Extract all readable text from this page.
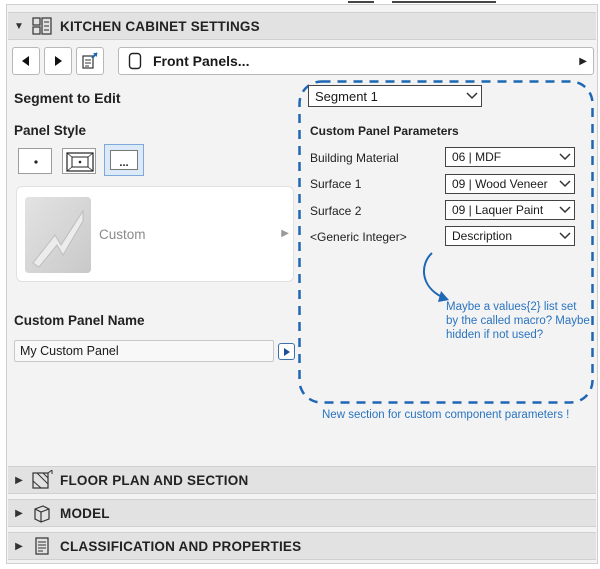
▼	KITCHEN CABINET SETTINGS
Front Panels...	▶
Segment to Edit
Panel Style
...
Custom	▶
Custom Panel Name
My Custom Panel
Segment 1
Custom Panel Parameters
Building Material	06 | MDF
Surface 1	09 | Wood Veneer
Surface 2	09 | Laquer Paint
<Generic Integer>	Description
Maybe a values{2} list set
by the called macro? Maybe
hidden if not used?
New section for custom component parameters !
▶	FLOOR PLAN AND SECTION
▶	MODEL
▶	CLASSIFICATION AND PROPERTIES
